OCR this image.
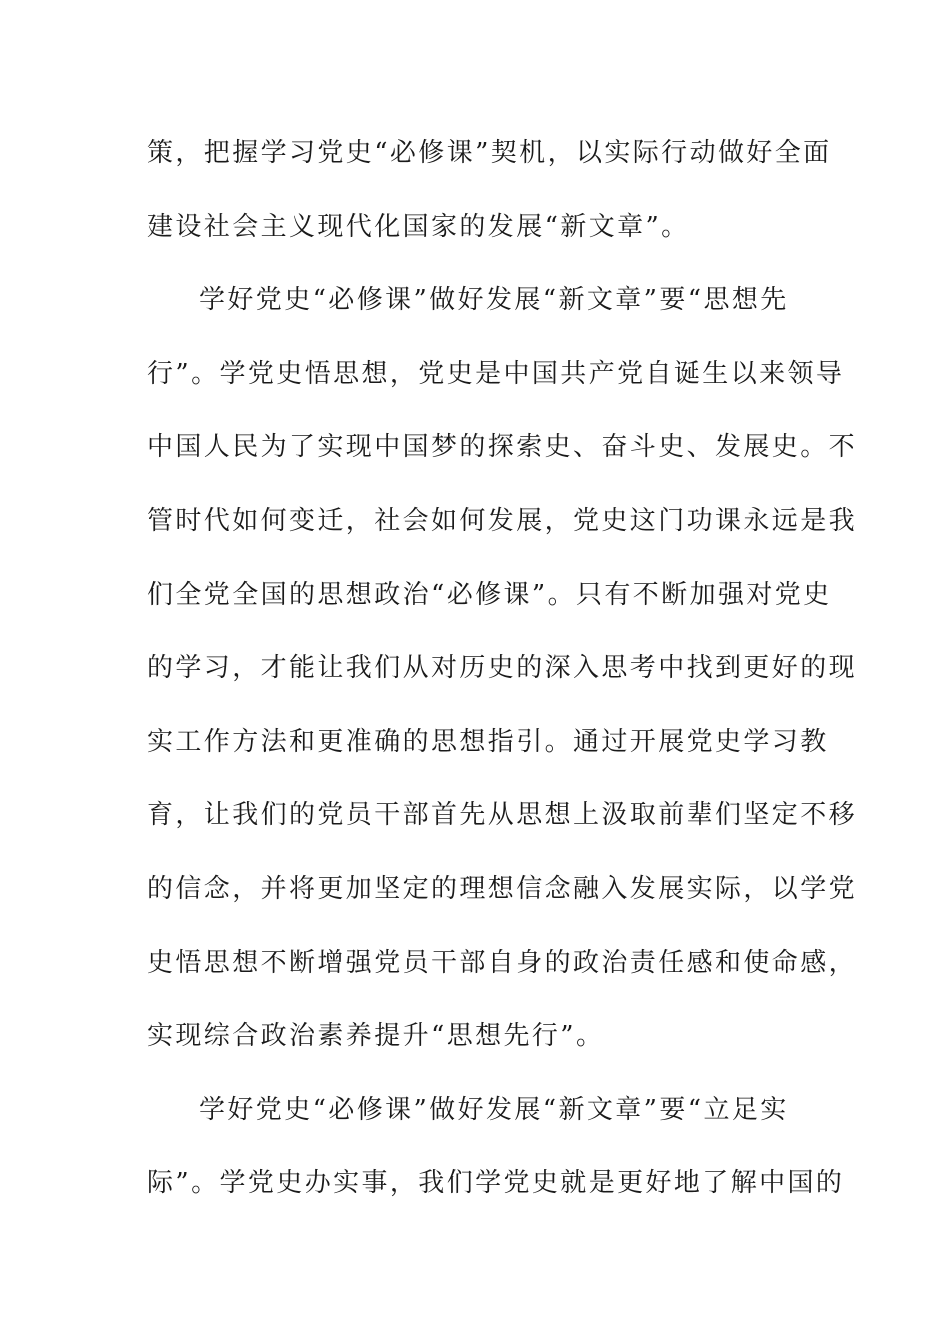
策，把握学习党史“必修课”契机，以实际行动做好全面
建设社会主义现代化国家的发展“新文章”。
学好党史“必修课”做好发展“新文章”要“思想先
行”。学党史悟思想，党史是中国共产党自诞生以来领导
中国人民为了实现中国梦的探索史、奋斗史、发展史。不
管时代如何变迁，社会如何发展，党史这门功课永远是我
们全党全国的思想政治“必修课”。只有不断加强对党史
的学习，才能让我们从对历史的深入思考中找到更好的现
实工作方法和更准确的思想指引。通过开展党史学习教
育，让我们的党员干部首先从思想上汲取前辈们坚定不移
的信念，并将更加坚定的理想信念融入发展实际，以学党
史悟思想不断增强党员干部自身的政治责任感和使命感，
实现综合政治素养提升“思想先行”。
学好党史“必修课”做好发展“新文章”要“立足实
际”。学党史办实事，我们学党史就是更好地了解中国的
